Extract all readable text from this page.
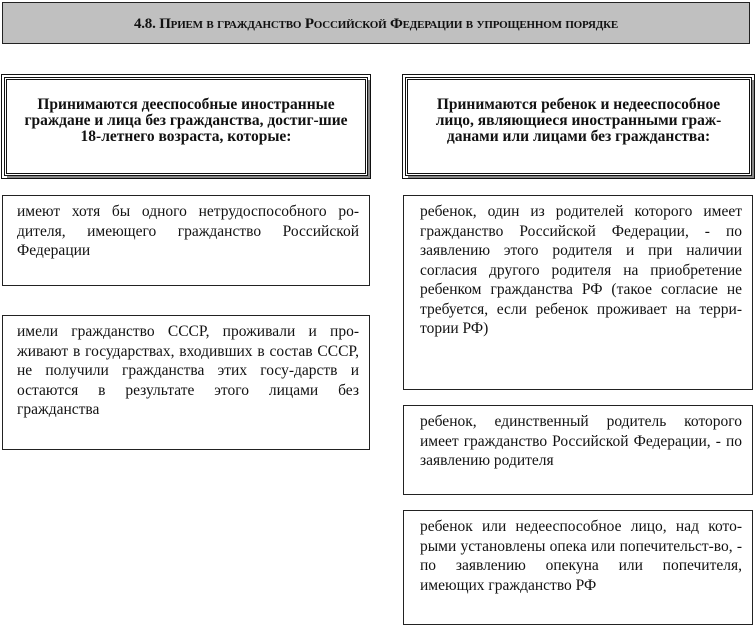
4.8. Прием в гражданство Российской Федерации в упрощенном порядке
Принимаются дееспособные иностранные граждане и лица без гражданства, достиг-шие 18-летнего возраста, которые:
Принимаются ребенок и недееспособное лицо, являющиеся иностранными граж-данами или лицами без гражданства:
имеют хотя бы одного нетрудоспособного ро-дителя, имеющего гражданство Российской Федерации
имели гражданство СССР, проживали и про-живают в государствах, входивших в состав СССР, не получили гражданства этих госу-дарств и остаются в результате этого лицами без гражданства
ребенок, один из родителей которого имеет гражданство Российской Федерации, - по заявлению этого родителя и при наличии согласия другого родителя на приобретение ребенком гражданства РФ (такое согласие не требуется, если ребенок проживает на терри-тории РФ)
ребенок, единственный родитель которого имеет гражданство Российской Федерации, - по заявлению родителя
ребенок или недееспособное лицо, над кото-рыми установлены опека или попечительст-во, - по заявлению опекуна или попечителя, имеющих гражданство РФ
